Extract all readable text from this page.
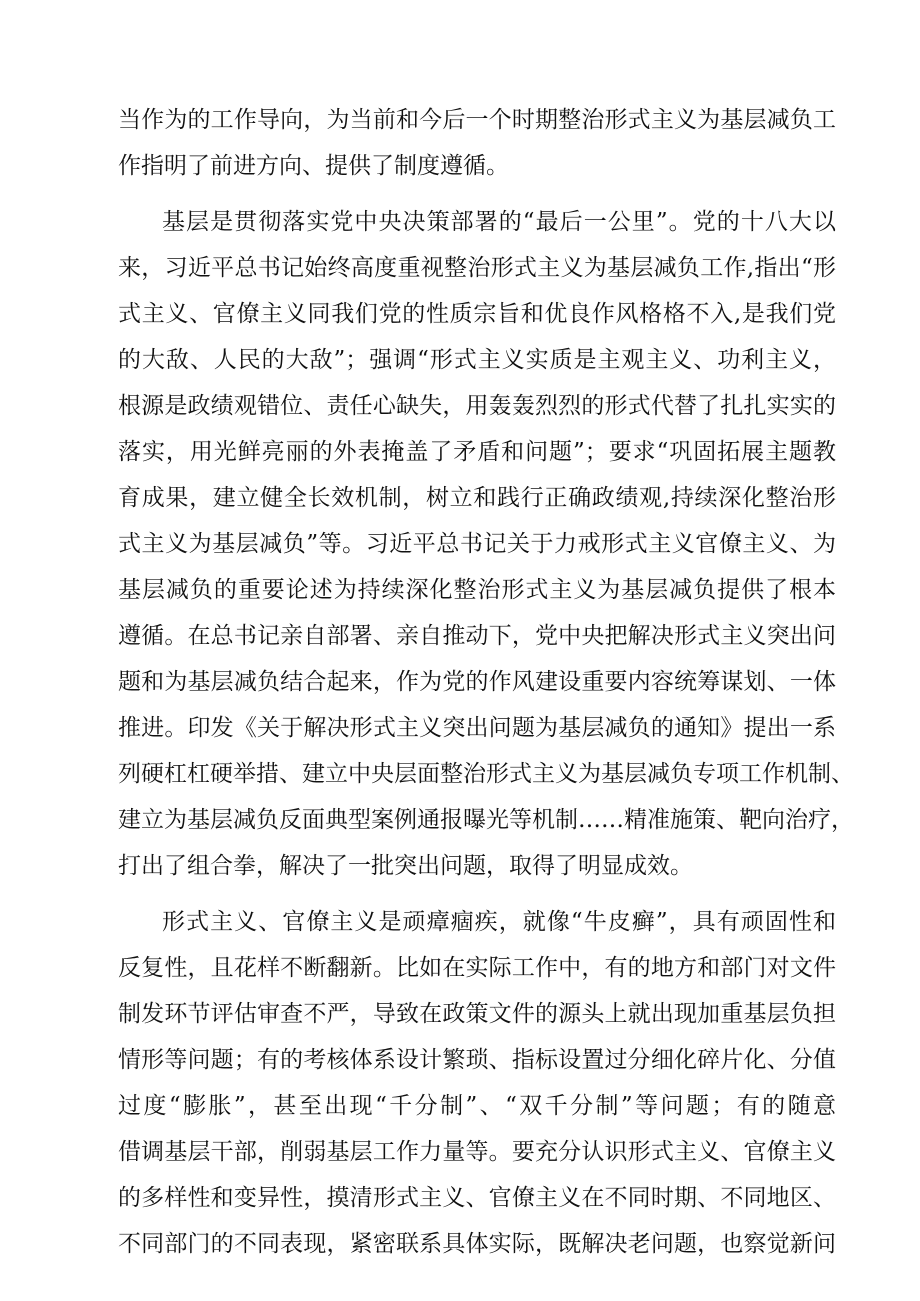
当作为的工作导向，为当前和今后一个时期整治形式主义为基层减负工
作指明了前进方向、提供了制度遵循。
基层是贯彻落实党中央决策部署的“最后一公里”。党的十八大以
来，习近平总书记始终高度重视整治形式主义为基层减负工作,指出“形
式主义、官僚主义同我们党的性质宗旨和优良作风格格不入,是我们党
的大敌、人民的大敌”；强调“形式主义实质是主观主义、功利主义，
根源是政绩观错位、责任心缺失，用轰轰烈烈的形式代替了扎扎实实的
落实，用光鲜亮丽的外表掩盖了矛盾和问题”；要求“巩固拓展主题教
育成果，建立健全长效机制，树立和践行正确政绩观,持续深化整治形
式主义为基层减负”等。习近平总书记关于力戒形式主义官僚主义、为
基层减负的重要论述为持续深化整治形式主义为基层减负提供了根本
遵循。在总书记亲自部署、亲自推动下，党中央把解决形式主义突出问
题和为基层减负结合起来，作为党的作风建设重要内容统筹谋划、一体
推进。印发《关于解决形式主义突出问题为基层减负的通知》提出一系
列硬杠杠硬举措、建立中央层面整治形式主义为基层减负专项工作机制、
建立为基层减负反面典型案例通报曝光等机制……精准施策、靶向治疗，
打出了组合拳，解决了一批突出问题，取得了明显成效。
形式主义、官僚主义是顽瘴痼疾，就像“牛皮癣”，具有顽固性和
反复性，且花样不断翻新。比如在实际工作中，有的地方和部门对文件
制发环节评估审查不严，导致在政策文件的源头上就出现加重基层负担
情形等问题；有的考核体系设计繁琐、指标设置过分细化碎片化、分值
过度“膨胀”，甚至出现“千分制”、“双千分制”等问题；有的随意
借调基层干部，削弱基层工作力量等。要充分认识形式主义、官僚主义
的多样性和变异性，摸清形式主义、官僚主义在不同时期、不同地区、
不同部门的不同表现，紧密联系具体实际，既解决老问题，也察觉新问
